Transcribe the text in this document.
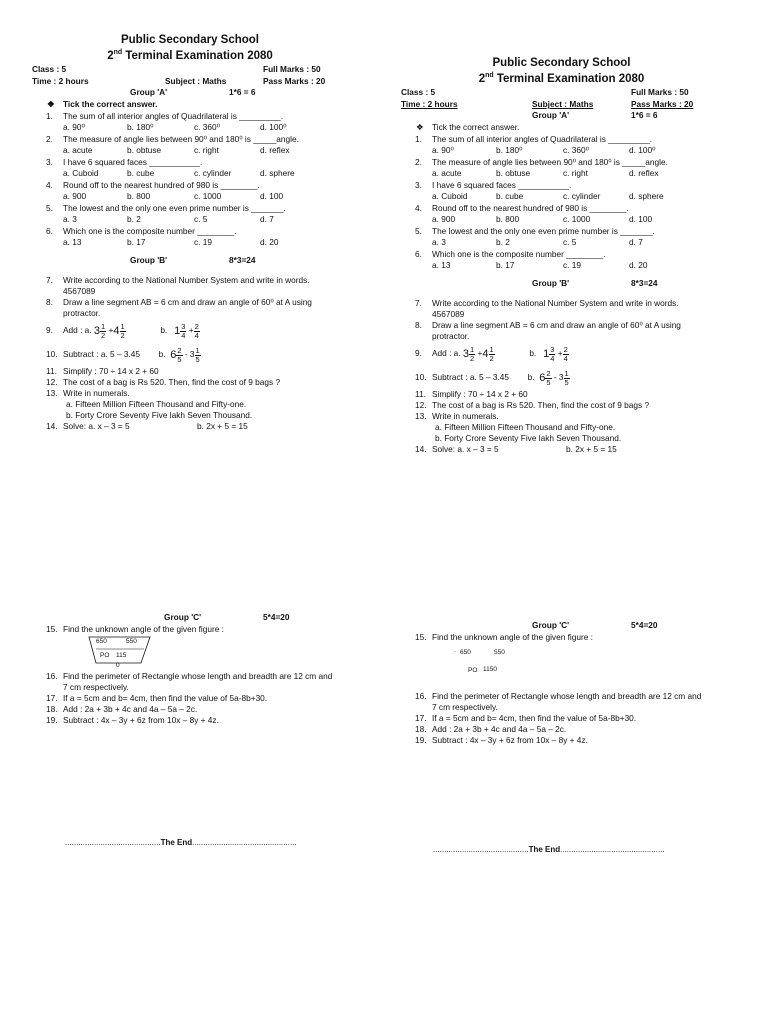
Public Secondary School
2nd Terminal Examination 2080
Class : 5	Full Marks : 50
Time : 2 hours	Subject : Maths	Pass Marks : 20
Group 'A'	1*6 = 6
❖ Tick the correct answer.
1. The sum of all interior angles of Quadrilateral is _________.
a. 90⁰	b. 180⁰	c. 360⁰	d. 100⁰
2. The measure of angle lies between 90⁰ and 180⁰ is _____angle.
a. acute	b. obtuse	c. right	d. reflex
3. I have 6 squared faces ___________.
a. Cuboid	b. cube	c. cylinder	d. sphere
4. Round off to the nearest hundred of 980 is ________.
a. 900	b. 800	c. 1000	d. 100
5. The lowest and the only one even prime number is _______.
a. 3	b. 2	c. 5	d. 7
6. Which one is the composite number ________.
a. 13	b. 17	c. 19	d. 20
Group 'B'	8*3=24
7. Write according to the National Number System and write in words.
4567089
8. Draw a line segment AB = 6 cm and draw an angle of 60⁰ at A using
protractor.
9. Add : a. $3 \frac{1}{2} +4 \frac{1}{2}$	b. $1 \frac{3}{4} + \frac{2}{4}$
10. Subtract : a. 5 – 3.45 b. $6 \frac{2}{5} - 3 \frac{1}{5}$
11. Simplify : 70 ÷ 14 x 2 + 60
12. The cost of a bag is Rs 520. Then, find the cost of 9 bags ?
13. Write in numerals.
a. Fifteen Million Fifteen Thousand and Fifty-one.
b. Forty Crore Seventy Five lakh Seven Thousand.
14. Solve: a. x – 3 = 5	b. 2x + 5 = 15
Group 'C'	5*4=20
15. Find the unknown angle of the given figure :
650	550
PO 115
0
16. Find the perimeter of Rectangle whose length and breadth are 12 cm and
7 cm respectively.
17. If a = 5cm and b= 4cm, then find the value of 5a-8b+30.
18. Add : 2a + 3b + 4c and 4a – 5a – 2c.
19. Subtract : 4x – 3y + 6z from 10x – 8y + 4z.
...........................................The End...............................................
Public Secondary School
2nd Terminal Examination 2080
Class : 5	Full Marks : 50
Time : 2 hours	Subject : Maths	Pass Marks : 20
Group 'A'	1*6 = 6
❖ Tick the correct answer.
1. The sum of all interior angles of Quadrilateral is _________.
a. 90⁰	b. 180⁰	c. 360⁰	d. 100⁰
2. The measure of angle lies between 90⁰ and 180⁰ is _____angle.
a. acute	b. obtuse	c. right	d. reflex
3. I have 6 squared faces ___________.
a. Cuboid	b. cube	c. cylinder	d. sphere
4. Round off to the nearest hundred of 980 is ________.
a. 900	b. 800	c. 1000	d. 100
5. The lowest and the only one even prime number is _______.
a. 3	b. 2	c. 5	d. 7
6. Which one is the composite number ________.
a. 13	b. 17	c. 19	d. 20
Group 'B'	8*3=24
7. Write according to the National Number System and write in words.
4567089
8. Draw a line segment AB = 6 cm and draw an angle of 60⁰ at A using
protractor.
9. Add : a. $3 \frac{1}{2} +4 \frac{1}{2}$	b. $1 \frac{3}{4} + \frac{2}{4}$
10. Subtract : a. 5 – 3.45 b. $6 \frac{2}{5} - 3 \frac{1}{5}$
11. Simplify : 70 ÷ 14 x 2 + 60
12. The cost of a bag is Rs 520. Then, find the cost of 9 bags ?
13. Write in numerals.
a. Fifteen Million Fifteen Thousand and Fifty-one.
b. Forty Crore Seventy Five lakh Seven Thousand.
14. Solve: a. x – 3 = 5	b. 2x + 5 = 15
Group 'C'	5*4=20
15. Find the unknown angle of the given figure :
· 650	550
PO 1150
16. Find the perimeter of Rectangle whose length and breadth are 12 cm and
7 cm respectively.
17. If a = 5cm and b= 4cm, then find the value of 5a-8b+30.
18. Add : 2a + 3b + 4c and 4a – 5a – 2c.
19. Subtract : 4x – 3y + 6z from 10x – 8y + 4z.
...........................................The End...............................................
